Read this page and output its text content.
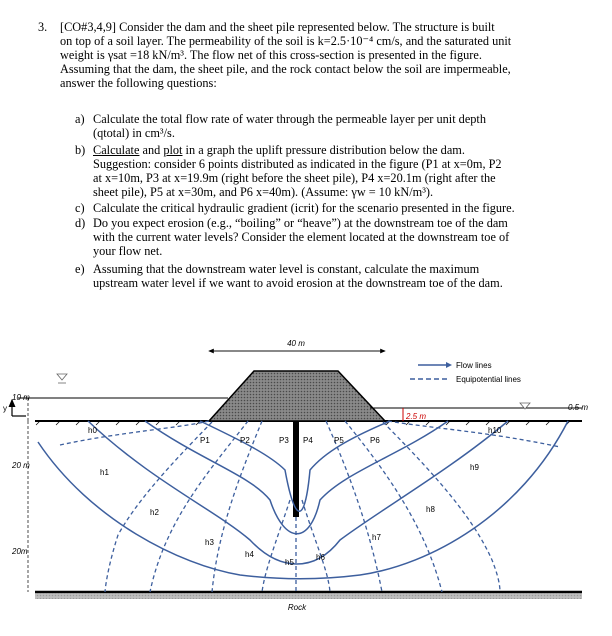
3. [CO#3,4,9] Consider the dam and the sheet pile represented below. The structure is built
on top of a soil layer. The permeability of the soil is k=2.5·10⁻⁴ cm/s, and the saturated unit
weight is γsat =18 kN/m³. The flow net of this cross-section is presented in the figure.
Assuming that the dam, the sheet pile, and the rock contact below the soil are impermeable,
answer the following questions:
a) Calculate the total flow rate of water through the permeable layer per unit depth
(qtotal) in cm³/s.
b) Calculate and plot in a graph the uplift pressure distribution below the dam.
Suggestion: consider 6 points distributed as indicated in the figure (P1 at x=0m, P2
at x=10m, P3 at x=19.9m (right before the sheet pile), P4 x=20.1m (right after the
sheet pile), P5 at x=30m, and P6 x=40m). (Assume: γw = 10 kN/m³).
c) Calculate the critical hydraulic gradient (icrit) for the scenario presented in the figure.
d) Do you expect erosion (e.g., “boiling” or “heave”) at the downstream toe of the dam
with the current water levels? Consider the element located at the downstream toe of
your flow net.
e) Assuming that the downstream water level is constant, calculate the maximum
upstream water level if we want to avoid erosion at the downstream toe of the dam.
40 m
10 m
20 m
20m
y
2.5 m
0.5 m
Flow lines
Equipotential lines
h0
h1
h2
h3
h4
h5
h6
h7
h8
h9
h10
P1	P2	P3 P4	P5	P6
Rock
